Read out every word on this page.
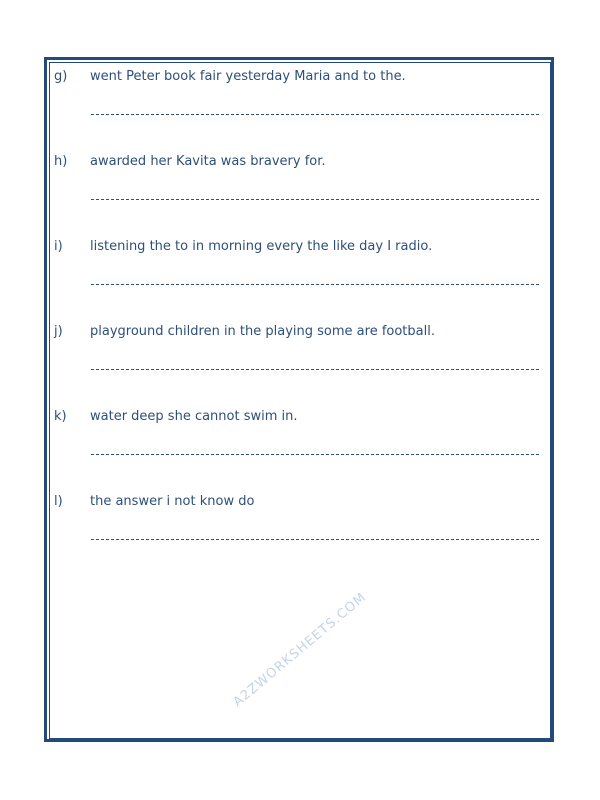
g) went Peter book fair yesterday Maria and to the.
h) awarded her Kavita was bravery for.
i) listening the to in morning every the like day I radio.
j) playground children in the playing some are football.
k) water deep she cannot swim in.
l) the answer i not know do
A2ZWORKSHEETS.COM
